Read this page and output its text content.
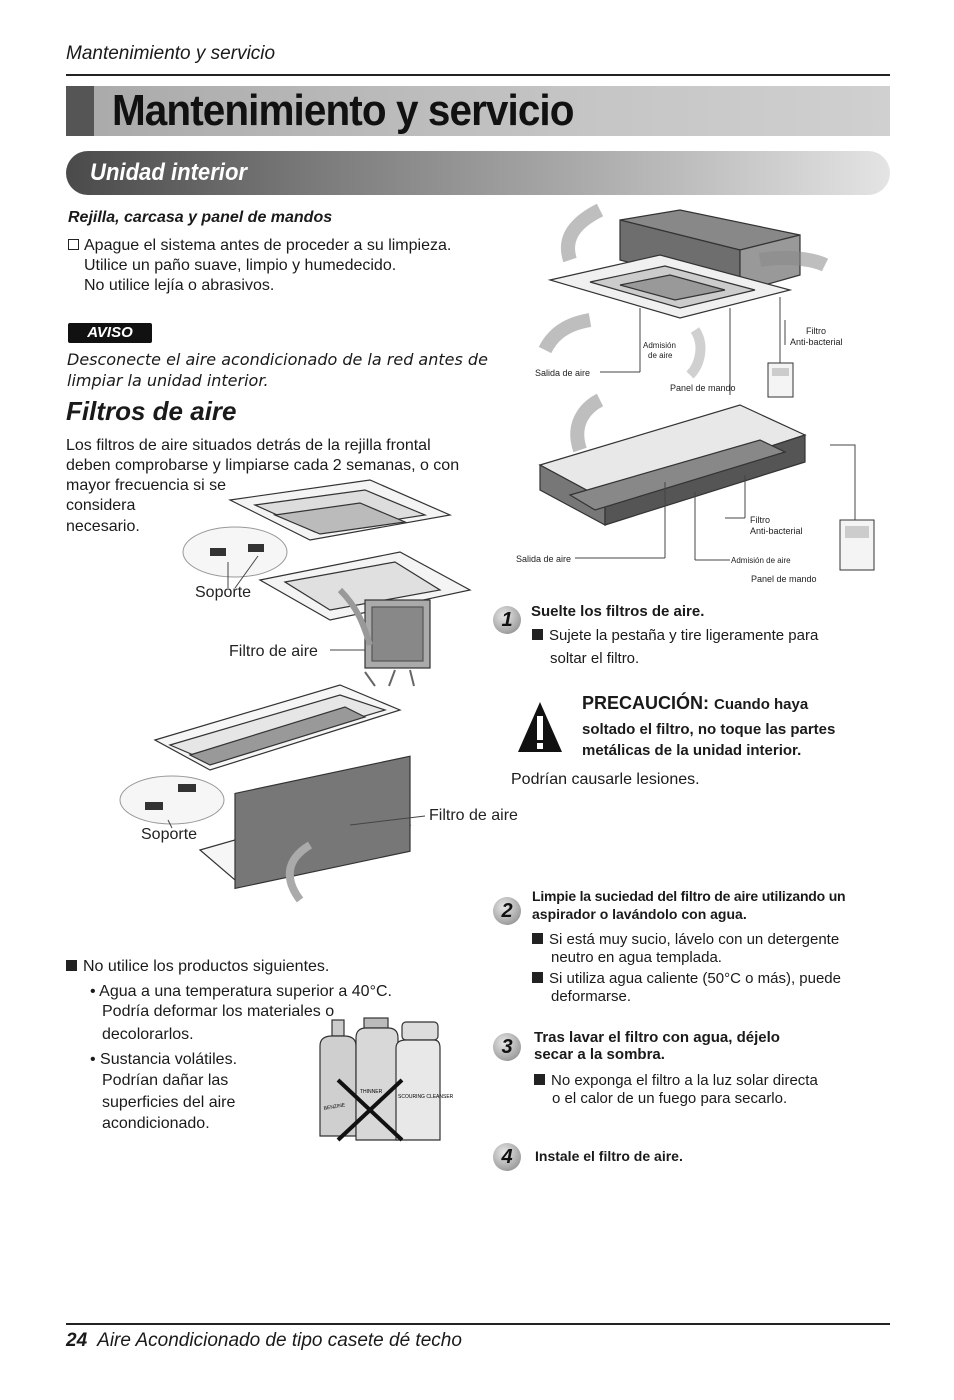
Mantenimiento y servicio
Mantenimiento y servicio
Unidad interior
Rejilla, carcasa y panel de mandos
Apague el sistema antes de proceder a su limpieza.
Utilice un paño suave, limpio y humedecido.
No utilice lejía o abrasivos.
AVISO
Desconecte el aire acondicionado de la red antes de
limpiar la unidad interior.
Filtros de aire
Los filtros de aire situados detrás de la rejilla frontal
deben comprobarse y limpiarse cada 2 semanas, o con
mayor frecuencia si se
considera
necesario.
Soporte
Filtro de aire
Filtro de aire
Soporte
Filtro
Anti-bacterial
Admisión
de aire
Salida de aire
Panel de mando
Filtro
Anti-bacterial
Salida de aire	Admisión de aire
Panel de mando
1	Suelte los filtros de aire.
Sujete la pestaña y tire ligeramente para
soltar el filtro.
PRECAUCIÓN: Cuando haya
soltado el filtro, no toque las partes
metálicas de la unidad interior.
Podrían causarle lesiones.
2
Limpie la suciedad del filtro de aire utilizando un
aspirador o lavándolo con agua.
Si está muy sucio, lávelo con un detergente
neutro en agua templada.
Si utiliza agua caliente (50°C o más), puede
deformarse.
3	Tras lavar el filtro con agua, déjelo
secar a la sombra.
No exponga el filtro a la luz solar directa
o el calor de un fuego para secarlo.
4	Instale el filtro de aire.
No utilice los productos siguientes.
• Agua a una temperatura superior a 40°C.
Podría deformar los materiales o
decolorarlos.
• Sustancia volátiles.
Podrían dañar las
superficies del aire
acondicionado.
BENZINE
THINNER
SCOURING CLEANSER
24 Aire Acondicionado de tipo casete dé techo
